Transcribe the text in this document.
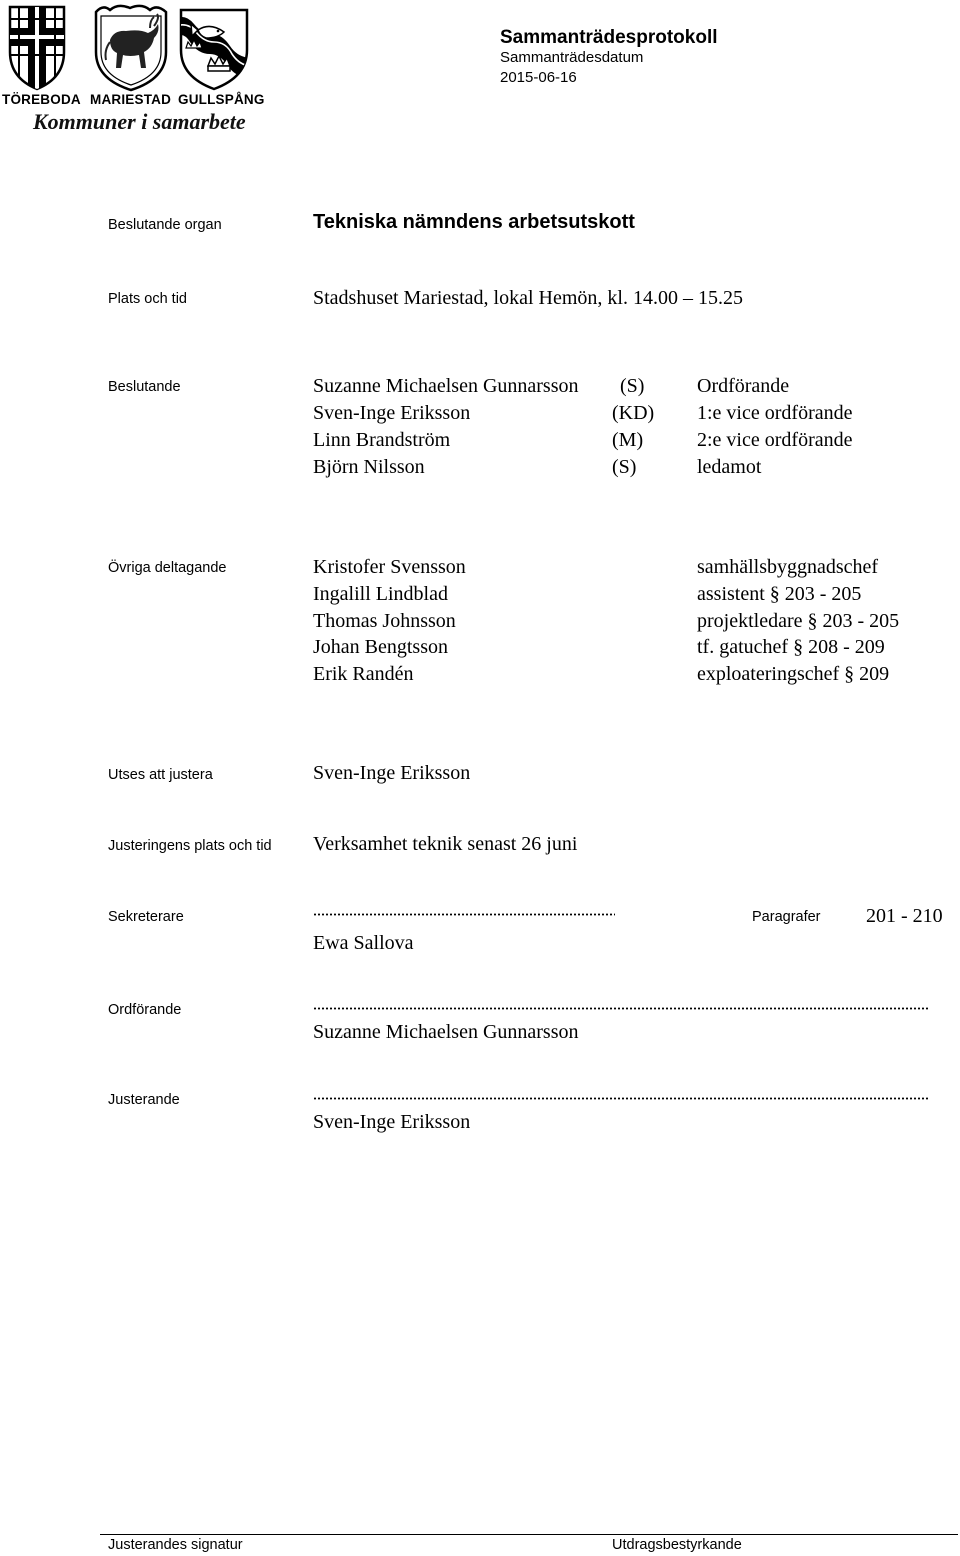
TÖREBODA MARIESTAD GULLSPÅNG
Kommuner i samarbete
Sammanträdesprotokoll
Sammanträdesdatum
2015-06-16
Beslutande organ	Tekniska nämndens arbetsutskott
Plats och tid	Stadshuset Mariestad, lokal Hemön, kl. 14.00 – 15.25
Beslutande	Suzanne Michaelsen Gunnarsson (S)	Ordförande
Sven-Inge Eriksson	(KD) 1:e vice ordförande
Linn Brandström	(M)	2:e vice ordförande
Björn Nilsson	(S)	ledamot
Övriga deltagande	Kristofer Svensson	samhällsbyggnadschef
Ingalill Lindblad	assistent § 203 - 205
Thomas Johnsson	projektledare § 203 - 205
Johan Bengtsson	tf. gatuchef § 208 - 209
Erik Randén	exploateringschef § 209
Utses att justera	Sven-Inge Eriksson
Justeringens plats och tid Verksamhet teknik senast 26 juni
Sekreterare	Paragrafer 201 - 210
Ewa Sallova
Ordförande
Suzanne Michaelsen Gunnarsson
Justerande
Sven-Inge Eriksson
Justerandes signatur	Utdragsbestyrkande
